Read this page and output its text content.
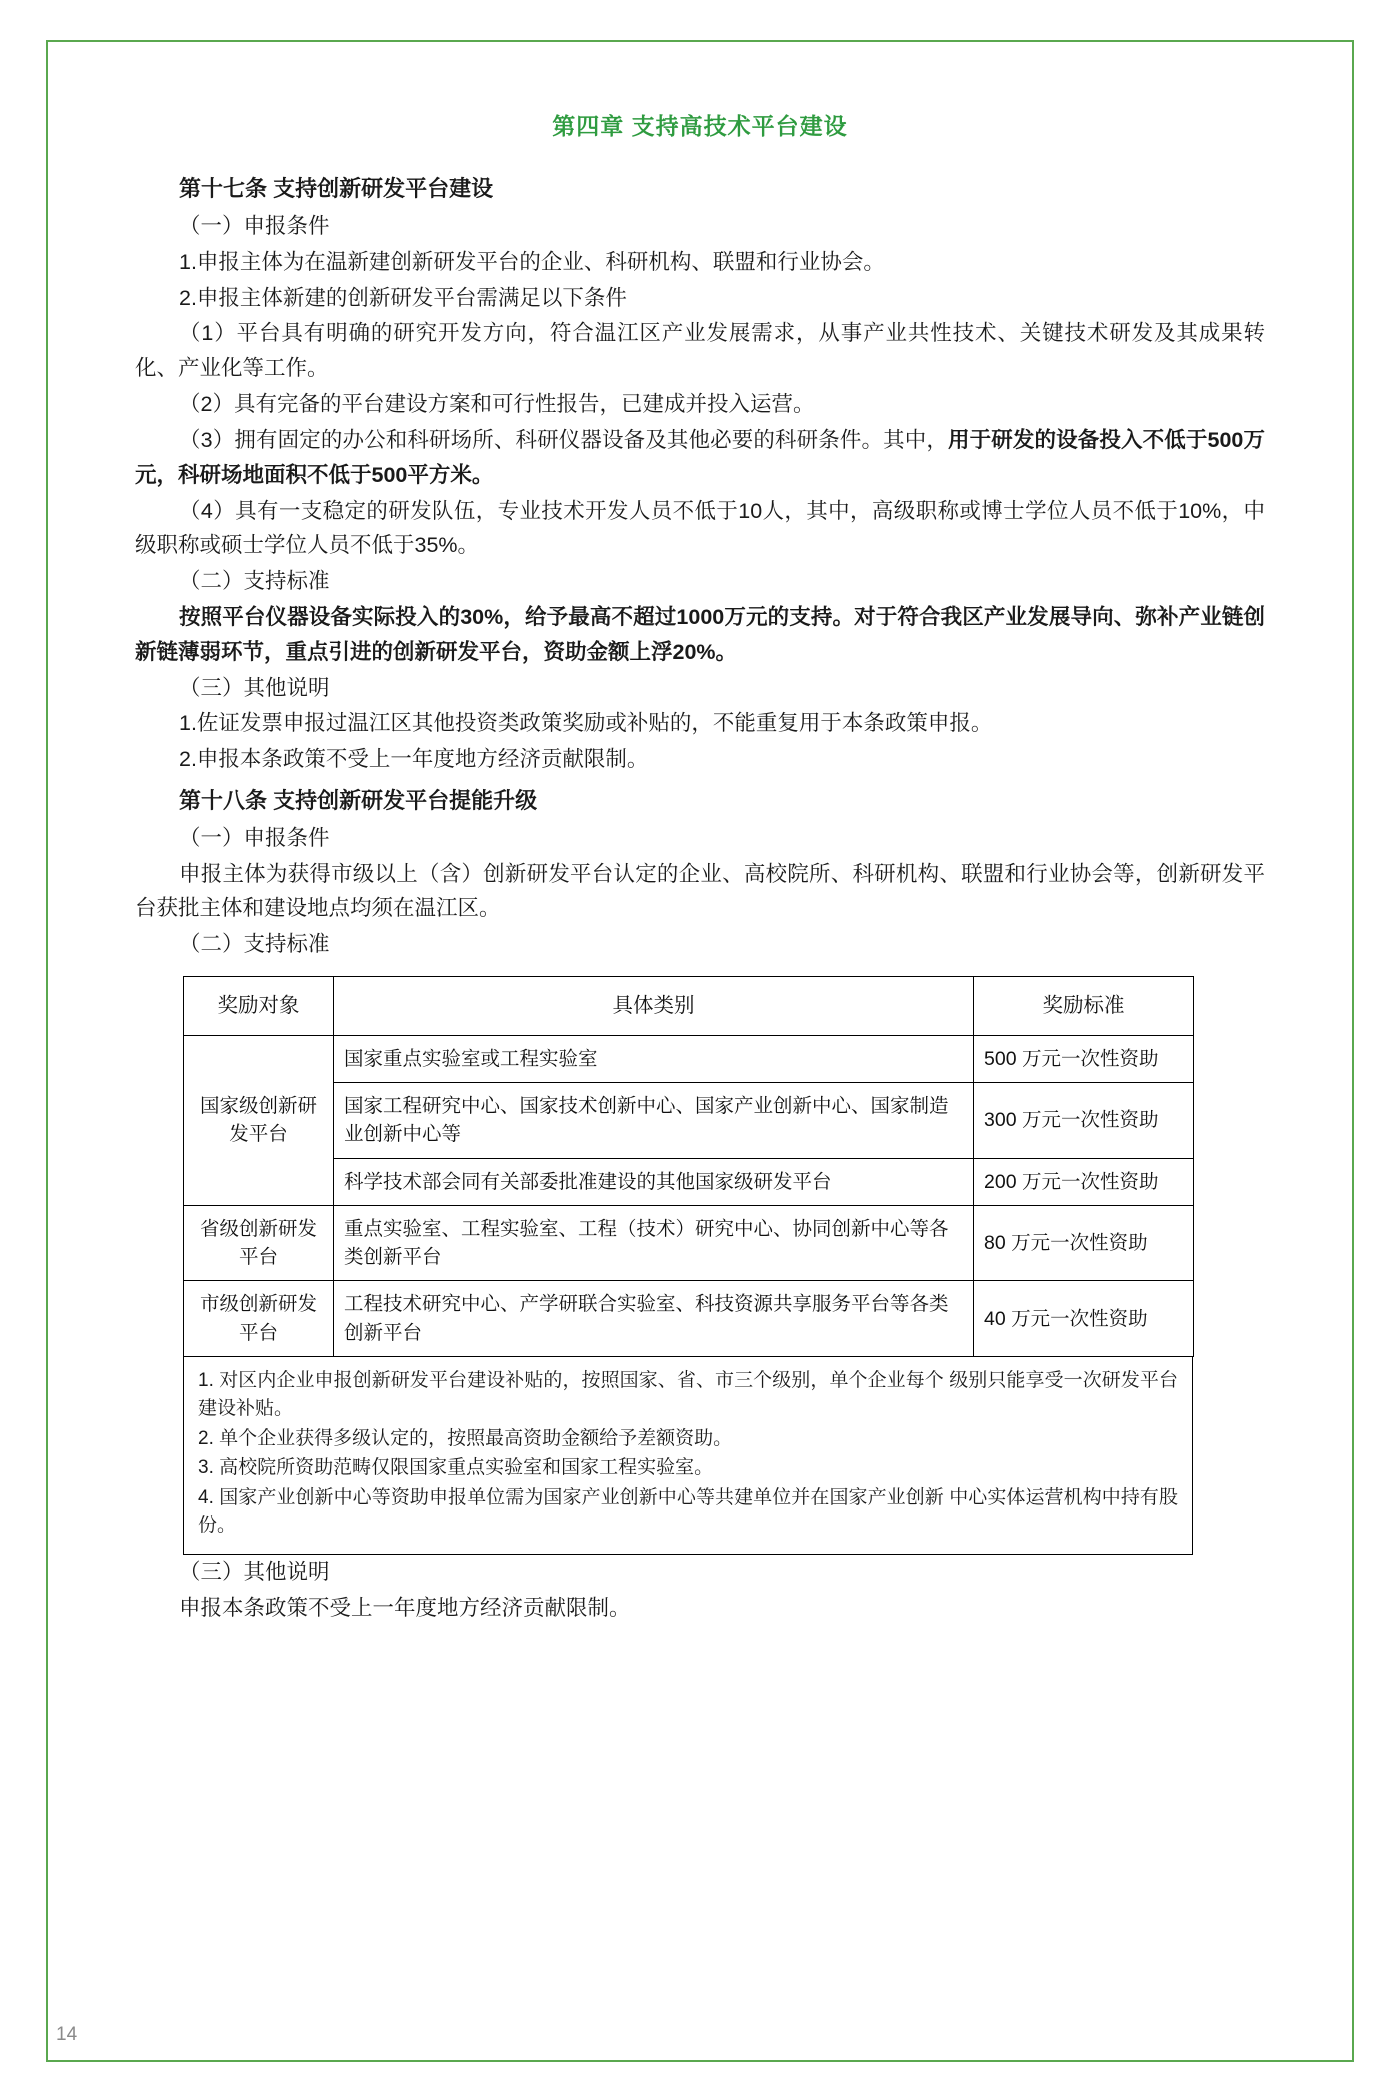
第四章 支持高技术平台建设
第十七条 支持创新研发平台建设

（一）申报条件

1.申报主体为在温新建创新研发平台的企业、科研机构、联盟和行业协会。

2.申报主体新建的创新研发平台需满足以下条件

（1）平台具有明确的研究开发方向，符合温江区产业发展需求，从事产业共性技术、关键技术研发及其成果转化、产业化等工作。

（2）具有完备的平台建设方案和可行性报告，已建成并投入运营。

（3）拥有固定的办公和科研场所、科研仪器设备及其他必要的科研条件。其中，用于研发的设备投入不低于500万元，科研场地面积不低于500平方米。

（4）具有一支稳定的研发队伍，专业技术开发人员不低于10人，其中，高级职称或博士学位人员不低于10%，中级职称或硕士学位人员不低于35%。

（二）支持标准

按照平台仪器设备实际投入的30%，给予最高不超过1000万元的支持。对于符合我区产业发展导向、弥补产业链创新链薄弱环节，重点引进的创新研发平台，资助金额上浮20%。

（三）其他说明

1.佐证发票申报过温江区其他投资类政策奖励或补贴的，不能重复用于本条政策申报。

2.申报本条政策不受上一年度地方经济贡献限制。

第十八条 支持创新研发平台提能升级

（一）申报条件

申报主体为获得市级以上（含）创新研发平台认定的企业、高校院所、科研机构、联盟和行业协会等，创新研发平台获批主体和建设地点均须在温江区。

（二）支持标准

奖励对象	具体类别	奖励标准
国家级创新研发平台	国家重点实验室或工程实验室	500 万元一次性资助
	国家工程研究中心、国家技术创新中心、国家产业创新中心、国家制造业创新中心等	300 万元一次性资助
	科学技术部会同有关部委批准建设的其他国家级研发平台	200 万元一次性资助
省级创新研发平台	重点实验室、工程实验室、工程（技术）研究中心、协同创新中心等各类创新平台	80 万元一次性资助
市级创新研发平台	工程技术研究中心、产学研联合实验室、科技资源共享服务平台等各类创新平台	40 万元一次性资助
1. 对区内企业申报创新研发平台建设补贴的，按照国家、省、市三个级别，单个企业每个 级别只能享受一次研发平台建设补贴。
2. 单个企业获得多级认定的，按照最高资助金额给予差额资助。
3. 高校院所资助范畴仅限国家重点实验室和国家工程实验室。
4. 国家产业创新中心等资助申报单位需为国家产业创新中心等共建单位并在国家产业创新 中心实体运营机构中持有股份。

（三）其他说明

申报本条政策不受上一年度地方经济贡献限制。

14
